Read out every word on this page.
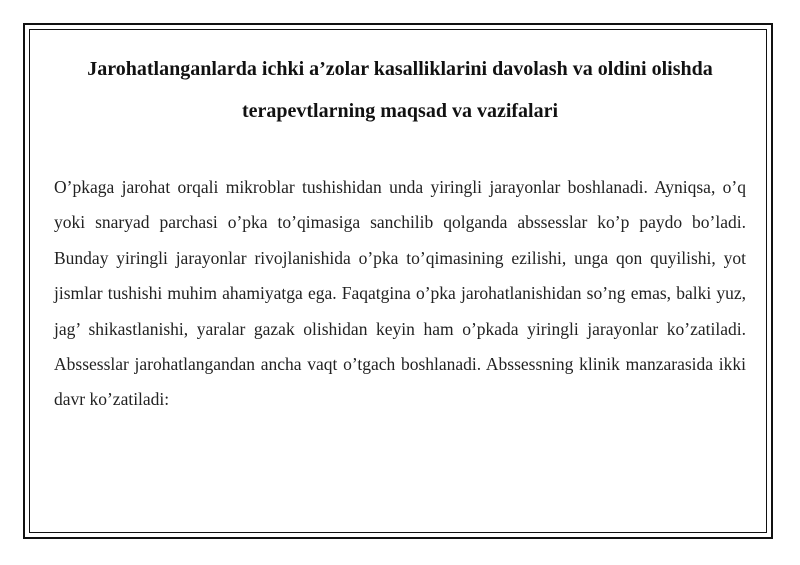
Jarohatlanganlarda ichki a’zolar kasalliklarini davolash va oldini olishda terapevtlarning maqsad va vazifalari

O’pkaga jarohat orqali mikroblar tushishidan unda yiringli jarayonlar boshlanadi. Ayniqsa, o’q yoki snaryad parchasi o’pka to’qimasiga sanchilib qolganda abssesslar ko’p paydo bo’ladi. Bunday yiringli jarayonlar rivojlanishida o’pka to’qimasining ezilishi, unga qon quyilishi, yot jismlar tushishi muhim ahamiyatga ega. Faqatgina o’pka jarohatlanishidan so’ng emas, balki yuz, jag’ shikastlanishi, yaralar gazak olishidan keyin ham o’pkada yiringli jarayonlar ko’zatiladi. Abssesslar jarohatlangandan ancha vaqt o’tgach boshlanadi. Abssessning klinik manzarasida ikki davr ko’zatiladi:
